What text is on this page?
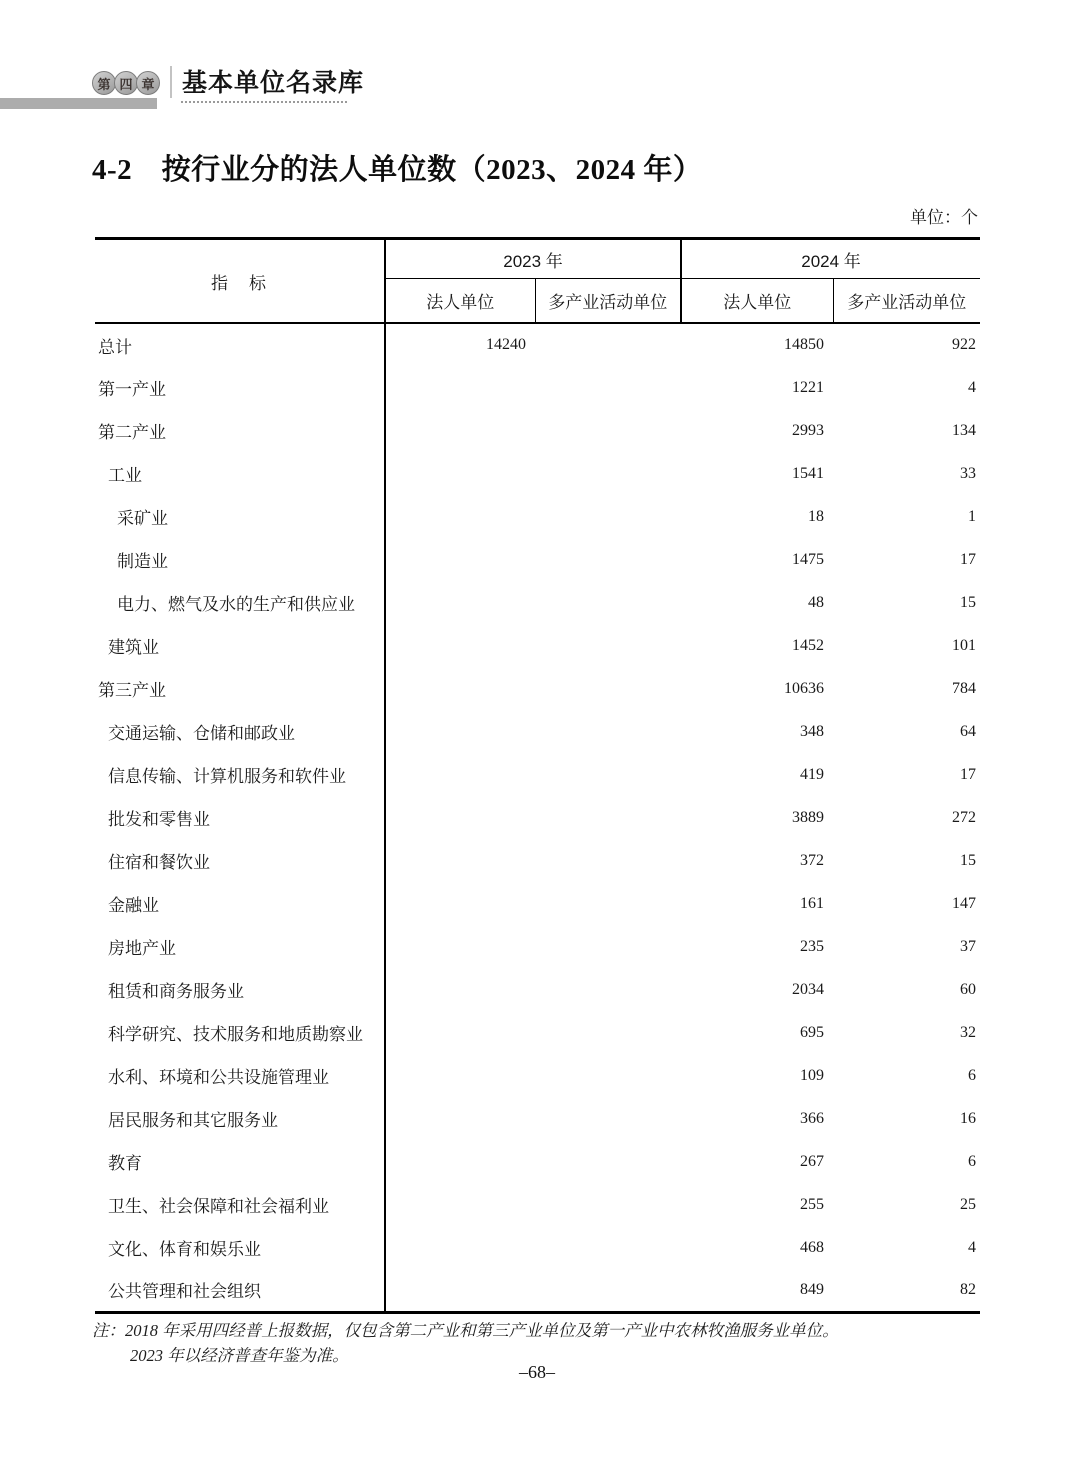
第 四 章 基本单位名录库
4-2　按行业分的法人单位数（2023、2024 年）
单位：个
指　标	2023 年		2024 年	
	法人单位	多产业活动单位	法人单位	多产业活动单位
总计	14240		14850	922
第一产业			1221	4
第二产业			2993	134
工业			1541	33
采矿业			18	1
制造业			1475	17
电力、燃气及水的生产和供应业			48	15
建筑业			1452	101
第三产业			10636	784
交通运输、仓储和邮政业			348	64
信息传输、计算机服务和软件业			419	17
批发和零售业			3889	272
住宿和餐饮业			372	15
金融业			161	147
房地产业			235	37
租赁和商务服务业			2034	60
科学研究、技术服务和地质勘察业			695	32
水利、环境和公共设施管理业			109	6
居民服务和其它服务业			366	16
教育			267	6
卫生、社会保障和社会福利业			255	25
文化、体育和娱乐业			468	4
公共管理和社会组织			849	82
注：2018 年采用四经普上报数据，仅包含第二产业和第三产业单位及第一产业中农林牧渔服务业单位。
2023 年以经济普查年鉴为准。
–68–
